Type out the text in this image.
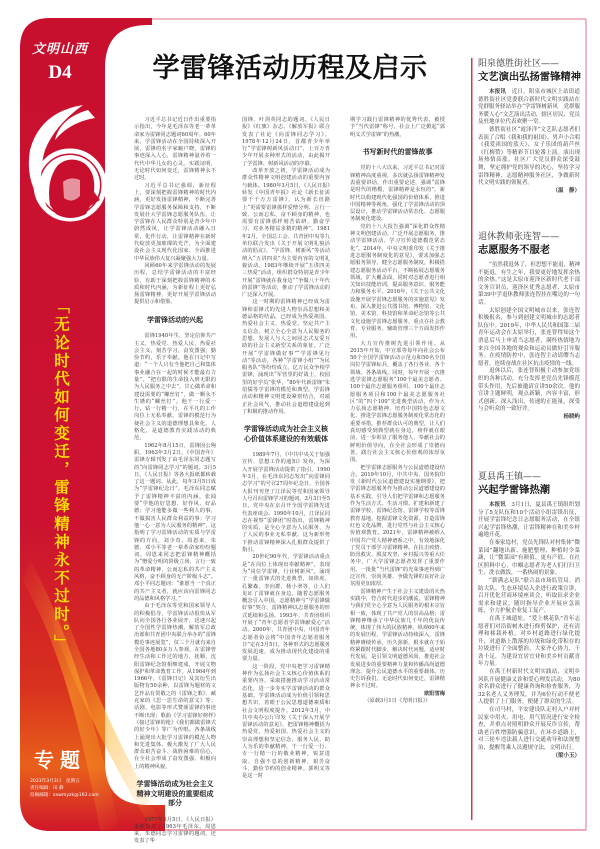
文明山西
D4
「无论时代如何变迁，雷锋精神永不过时。」
专题
2023年3月3日　星期五
责任编辑：田 静
投稿邮箱：sxwmyzk@163.com
学雷锋活动历程及启示

习近平总书记近日作出重要指示指出，今年是毛泽东等老一辈革命家为雷锋同志题词60周年。60年来，学雷锋活动在全国持续深入开展，雷锋的名字家喻户晓，雷锋的事迹深入人心，雷锋精神滋养着一代代中华儿女的心灵。实践证明，无论时代如何变迁，雷锋精神永不过时。

习近平总书记强调，新征程上，要深刻把握雷锋精神的时代内涵，更好发扬雷锋精神，不断完善学雷锋志愿服务保障和支持，不断发展壮大学雷锋志愿服务队伍，让学雷锋在人民群众特别是青少年中蔚然成风，让学雷锋活动融入日常、化作行动，让雷锋精神在新时代绽放更加璀璨的光芒，为全面建设社会主义现代化国家、全面推进中华民族伟大复兴凝聚强大力量。

回顾60年来学雷锋活动的发展历程，总结学雷锋活动的丰富经验，有助于深刻把握雷锋精神的本质和时代内涵，为新征程上更好弘扬雷锋精神，更好开展学雷锋活动提供启示和借鉴。

学雷锋活动的兴起

雷锋1940年生，坚定信仰共产主义，热爱党、热爱人民、热爱社会主义，刻苦学习，奋发图强，勤俭节约，乐于奉献。他在日记中写道：“一个人只有当他把自己和集体事业融合在一起的时候才能最有力量”，“把有限的生命投入到无限的为人民服务之中去”，甘心做革命和建设需要的“螺丝钉”，做一颗永不生锈的“螺丝钉”。他干一行爱一行，钻一行精一行，在平凡的工作岗位上无私奉献。雷锋的模范行为使社会主义的道德理想具象化、人格化，是道德教育实践活动的典范。

1962年8月15日，雷锋因公殉职。1963年3月2日，《中国青年》雷锋专辑刊发了由毛泽东同志题写的“向雷锋同志学习”的题词。3月5日，《人民日报》等各大报纸都转载了这一题词。从此，每年3月5日成为“学雷锋纪念日”。毛泽东同志赋予了雷锋精神丰富的内涵。张闻要“学他的好思想、好作风、好品德；学习他能多做一些利人的事，不做损害人民群众利益的事；学习他一心一意为人民服务的精神”，这指明了学习雷锋活动的实质与学雷锋的方向。刘少奇、周恩来、朱德、邓小平等老一辈革命家纷纷题词。周恩来同志把雷锋精神概括为“憎爱分明的阶级立场，言行一致的革命精神，公而忘私的共产主义风格，奋不顾身的无产阶级斗志”。邓小平同志题词：“谁愿当一个真正的共产主义者，就应该向雷锋同志的品德和风格学习。”

由于毛泽东等党和国家领导人的积极倡导，学雷锋活动很快从军队向全国各行各业展开，迅速兴起了全国性学雷锋热潮。解放军总政治部和共青团中央联合举办的“雷锋模范事迹展览”，仅三个月就有来自全国各地80多万人参观。在雷锋曾经生活和工作过的地方，抚顺、沈阳雷锋纪念馆相继建成，开展文物保护和革命教育工作。从1964年到1966年，《雷锋日记》及其衍生出版物有50余种，以雷锋为题材的文艺作品有贺敬之的《雷锋之歌》、臧克家的《思一思生命的意义》等；话剧、电影等形式赞颂雷锋的事迹不断出现；歌曲《学习雷锋好榜样》《接过雷锋的枪》《我们都做雷锋式的好少年》等广为传唱。各条战线上涌现出大批学习雷锋的模范人物和先进集体，极大激发了广大人民群众艰苦奋斗、战胜困难的信心，在全社会形成了奋发图强、积极向上的精神风貌。

学雷锋活动成为社会主义精神文明建设的重要组成部分

1977年3月5日，《人民日报》重新发表了1963年毛泽东、周恩来、朱德同志学习雷锋的题词，还发表了华

国锋、叶剑英同志的题词。《人民日报》《红旗》杂志、《解放军报》联合发表了社论《向雷锋同志学习》。1978年12月24日，首都青少年举行“学雷锋树新风活动日”，上百万青少年开展多种形式的活动，由此揭开了学雷锋、树新风活动的序幕。

改革开放之初，学雷锋活动成为群众性精神文明创建活动的重要内容与载体。1980年3月5日，《人民日报》转发《中国青年报》社论《新长征需要千千万万雷锋》，认为新长征路上“更需要雷锋那样爱憎分明、言行一致、公而忘私、奋不顾身的精神，也需要有雷锋那样刻苦钻研、勤奋学习、对业务精益求精的精神”。1981年2月，全国总工会、共青团中央等九单位联合发出《关于开展文明礼貌活动的倡议》，“学雷锋、树新风”等活动纳入“五讲四美”为主要内容的文明礼貌活动。1983年继续开展“五讲四美三热爱”活动，组织群众特别是青少年开展“雷锋就在我身边”“争做八十年代的雷锋”等活动，推动了学雷锋活动的广泛深入开展。

这一时期的雷锋精神已经成为雷锋和雷锋式的先进人物崇高思想和美德品格的结晶，已经成为热爱祖国、热爱社会主义、热爱党，坚定共产主义信念，树立全心全意为人民服务的思想，发展人与人之间同志式友爱互助的社会主义新型关系的象征。广泛开展“学雷锋做好事”“学雷锋见行动”等活动，各种“学雷锋小组”“为民服务队”等纷纷成立。亿万民众争相学雷锋，涌现出“军营里的好战士，校园里的好学员”张华、“80年代新雷锋”朱伯儒等学雷锋的模范和典型。学雷锋活动和精神文明建设紧密结合，对端正社会风气，推动社会道德建设起到了积极的推动作用。

学雷锋活动成为社会主义核心价值体系建设的有效载体

1989年7月，《中共中央关于加强宣传、思想工作的通知》发布，为深入开展学雷锋活动提供了指引。1990年3月，在毛泽东同志发出“向雷锋同志学习”的号召27周年纪念日，全国各大报刊刊登了江泽民等党和国家领导人号召向雷锋学习的题词。3月3日至5日，党中央在京召开全国学雷锋先进代表座谈会。1990年10月，江泽民同志在视察“雷锋团”时指出，雷锋精神的实质，是全心全意为人民服务，为了人民的事业无私奉献。这为新形势下推动雷锋精神深入扎根群众提供了指引。

20世纪90年代，学雷锋活动重点是“在岗位上体现出奉献精神”，表现为“岗位学雷锋，行业树新风”，涌现了一批雷锋式的先进典型，如徐虎、孔繁森、李向群、杨小翠等，让人们见证了雷锋就在身边。随着志愿服务概念引入中国，志愿精神与“学雷锋做好事”契合，雷锋精神以志愿服务的形式延续和弘扬。1993年，共青团组织开展了“青年志愿者学雷锋献爱心”活动。2000年，共青团中央、中国青年志愿者协会将“中国青年志愿者服务日”定在3月5日，各种形式的志愿服务发展迅速，成为推动现代化建设的重要力量。

这一阶段，党中央把学习雷锋精神作为弘扬社会主义核心价值体系的重要内容，采取措施推动学习活动常态化，进一步夯实学雷锋活动的群众基础。学雷锋活动成为价值引领和思想共识，着眼于公民思想道德素质和社会文明程度提升。2012年3月，中共中央办公厅印发《关于深入开展学雷锋活动的意见》，把雷锋精神概括为热爱党、热爱祖国、热爱社会主义的崇高理想和坚定信念，服务人民、助人为乐的奉献精神，干一行爱一行、专一行精一行的敬业精神，锐意进取、自强不息的创新精神，艰苦奋斗、勤俭节约的创业精神。郭明义等是这一时

期学习践行雷锋精神的优秀代表，被授予“当代雷锋”称号，社会上广泛掀起“郭明义式学雷锋”的热潮。

书写新时代的雷锋故事

党的十八大以来，习近平总书记对雷锋精神高度重视，多次就弘扬雷锋精神发表重要讲话，作出重要论述，强调“雷锋是时代的楷模，雷锋精神是永恒的”。新时代以构建现代化强国的价值体系、推进中国精神等视角，强化了学雷锋活动的顶层设计，推动学雷锋活动常态化、志愿服务制度化建设。

党的十八大报告强调“深化群众性精神文明创建活动，广泛开展志愿服务，推动学雷锋活动、学习宣传道德模范常态化”。2014年，中央文明委印发《关于推进志愿服务制度化的意见》，要求加强志愿服务领导，健全志愿服务制度，积极搭建志愿服务活动平台，不断拓展志愿服务领域，扩大覆盖面，同时对志愿者进行相关知识技能培训，提高服务意识、服务能力和服务水平。2016年，《关于公共文化设施开展学雷锋志愿服务的实施意见》发布，深入推进公共图书馆、博物馆、文化馆、美术馆、科技馆和革命纪念馆等公共文化设施学雷锋志愿服务，重点在社会教育、专业服务、辅助管理三个方面发挥作用。

大力宣传推树先进引领作用。从2015年开始，中宣部等每年向社会公布50个全国学雷锋活动示范点和50名全国岗位学雷锋标兵，覆盖了各行各业、各个领域、各条战线。同时，每年开展一次推选学雷锋志愿服务“100个最美志愿者、100个最佳志愿服务组织、100个最佳志愿服务项目和100个最美志愿服务社区”的“四个100”先进典型活动，作为大力弘扬志愿精神、培育中国特色志愿文化、推进学雷锋志愿服务制度化常态化的重要举措。推荐群众认可的典型，让人们真切感受到典型就在身边，榜样就在眼前，进一步彰显了服务他人、奉献社会的鲜明价值导向，在全社会形成了崇德向善、践行社会主义核心价值观的浓厚氛围。

把学雷锋志愿服务与公民道德建设结合。2019年10月，中共中央、国务院印发《新时代公民道德建设实施纲要》，把学雷锋志愿服务作为推动公民道德建设的基本实践，引导人们把学雷锋和志愿服务作为生活方式、生活习惯。扩建和新建了雷锋学校、雷锋纪念馆、雷锋学校等雷锋教育基地，挖掘雷锋文化资源，打造雷锋红色文化品牌，进行党性与社会主义核心价值观教育。2021年，雷锋精神被纳入中国共产党人精神谱系之中，有效地深化了党员干部学习雷锋精神。在抗击疫情、防汛救灾、脱贫攻坚、乡村振兴等重大任务中，广大学雷锋志愿者发挥了重要作用。一批批“当代雷锋”的光荣事迹得到广泛宣传，崇尚英雄、争做先锋的良好社会氛围更加浓厚。

雷锋精神产生于社会主义建设的火热实践中，符合时代进步的潮流，雷锋精神与我们党全心全意为人民服务的根本宗旨相一致，体现了共产党人的崇高品格；雷锋精神继承了中华民族几千年的优良传统，体现了伟大的民族精神。纵观60年来的发展历程，学雷锋活动持续深入，雷锋精神赓续传承，历久弥新，根本就在于始终紧跟时代脚步，解决时代问题，适应时代发展，是引领文明道德风尚、推进社会发展进步的重要精神力量和传播高尚道德理念、提升公民道德水平的重要载体。历史告诉我们，无论时代如何变迁，雷锋精神永不过时。

欧阳雪梅

（原载3月1日《光明日报》）

阳泉德胜街社区——
文艺演出弘扬雷锋精神

本报讯　 近日，阳泉市城区上站街道德胜街社区党委联合新时代文明实践站在党群服务驿站举办“学雷锋树新风　党群服务暖人心”文艺演出活动，辖区居民、党员及驻地单位代表欢聚一堂。

德胜街社区“霞泽洋”文艺队志愿者们表演了合唱《我和我的祖国》、男声小合唱《我爱祖国的蓝天》、女子乐团的葫芦丝《红梅赞》等精彩节目轮番上演。演出现场热情高涨，社区广大党员群众深受鼓舞，坚定拥护党的领导的决心，坚持学习雷锋精神、志愿精神服务社区，争做新时代文明实践的领航者。

（温　静）

退休教师张连智——
志愿服务不服老

“虽然我退休了，但思想不能退，精神不能退，有生之年，我要更好地发挥余热的余热。”这是太原市迎泽区新时代老干部文务宣讲员、迎泽区优秀志愿者、太原市第39中学退休教师张连智挂在嘴边的一句话。

太原创建全国文明城市以来，张连智积极报名，参与到创建文明城市的志愿者队伍中。2019年，中华人民共和国第二届青年运动会在太原举行，张连智得知这个消息后马上申请当志愿者，满怀热情地为来自全国各地的观众和运动员做好引导服务。在疫情防控中，张连智主动请缨当志愿者，连续奋战在社区抗击疫情的一线。

退休以后，张连智积极主动参加党组织的各种活动，充分发挥老党员先锋模范带头作用，先后被邀请宣讲50余次。他的宣讲主题鲜明，观点新颖，内容丰富，形式创新，深入浅出，传递的正能量，深受与会听众的一致好评。

杨晓屿

夏县禹王镇——
兴起学雷锋热潮

本报讯　 3月1日，夏县禹王镇组织划分了5支队伍和10个活动小组雷锋出征，开展学雷锋纪念日志愿服务活动，在全镇兴起学雷锋热潮，让雷锋精神在和美乡村遍地开花。

在秦家埝村，党员先锋队对村集体“微菜园”翻地出新、施肥整理、种植时令菜蔬，让“微菜园”有颜值、更有产值。在社区照料中心，巾帼志愿者为老人们打扫卫生、洗衣做饭，一番热闹的景象。

“薪满志足队”联合县市场监管局、消防大队、生态环境局入企进行政策宣讲，召开优化营商环境座谈会，听取征求企业需求和建议，随时指导企业开展应急演练，全力护航企业复工复产。

在禹王城遗址，“爱上桃花队”青年志愿者们对沿街树木进行修剪保护，还有清理和移栽补植，对乡村道路进行绿化提升，对道路上散落的垃圾和绿化带积存的垃圾进行了全面整治，大家齐心协力，干劲十足，为建设宜居宜业和美乡村贡献青年力量。

在禹王村新时代文明实践站，文明乡风队开展健康义诊和爱心理发活动，为80余名群众进行了健康咨询和检查服务，为32名老人义务理发，并为6位行动不便老人提供了上门服务，便捷了群众的生活。

在司马村，平安建设队走村入户对村民家中用火、用电、用气情况进行安全检查，并重点对照明群众开展反诈宣传，帮助老百姓增强防骗意识。在环乡道路上，对三轮车违法载人进行交通劝导和法规整治，提醒驾乘人员遵规守法，文明出行。

（梁小玉）
